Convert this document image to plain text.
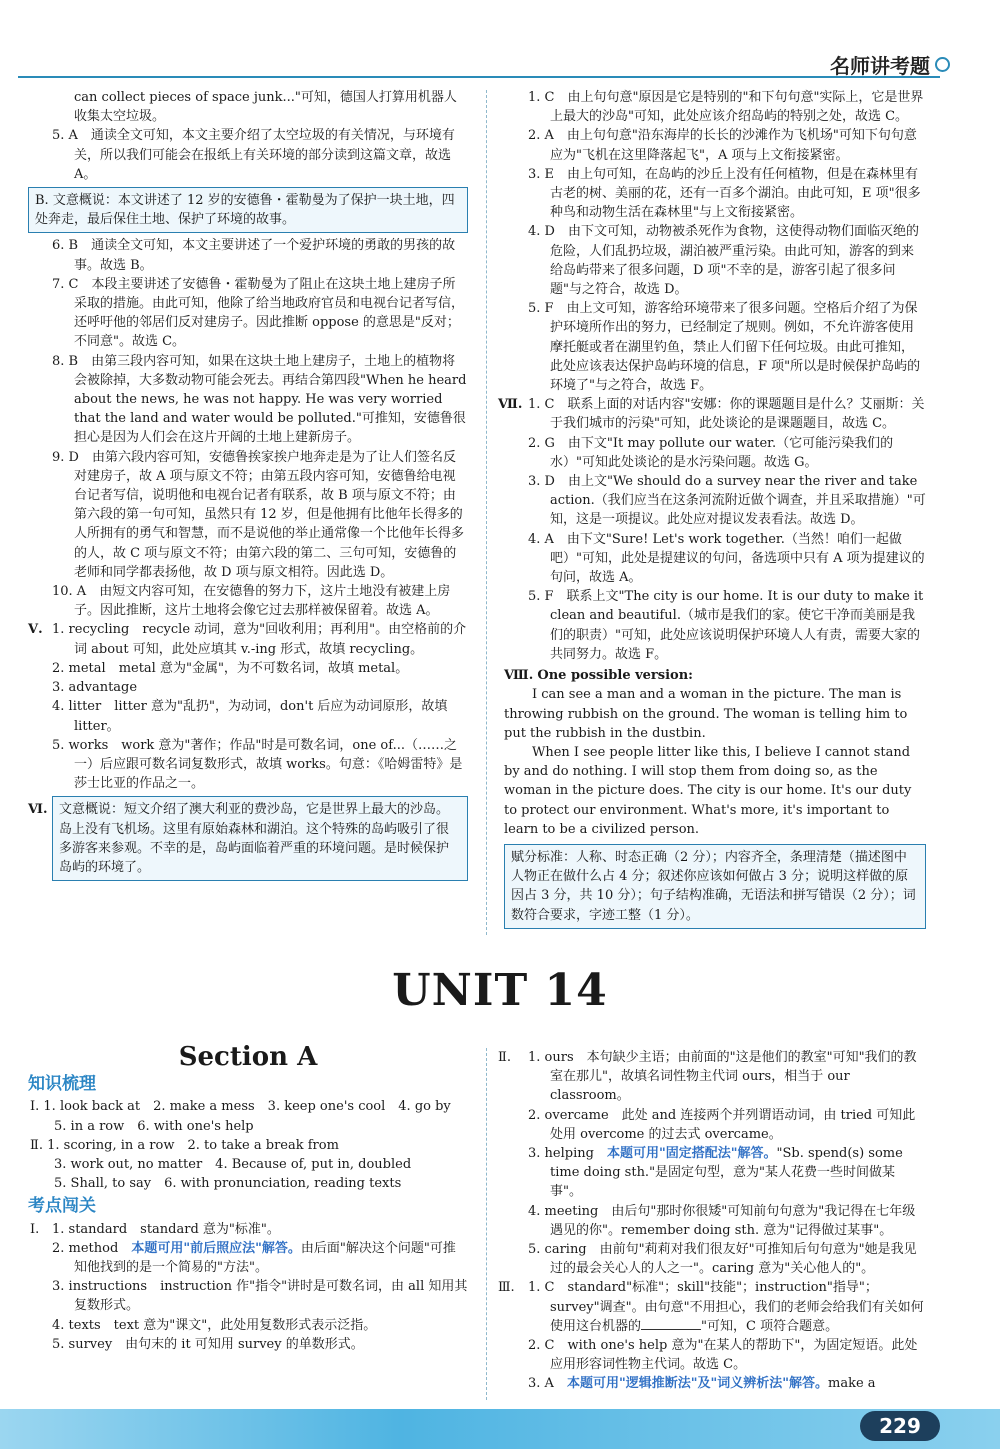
名师讲考题

can collect pieces of space junk..."可知，德国人打算用机器人收集太空垃圾。

5. A　通读全文可知，本文主要介绍了太空垃圾的有关情况，与环境有关，所以我们可能会在报纸上有关环境的部分读到这篇文章，故选 A。

B. 文意概说：本文讲述了 12 岁的安德鲁・霍勒曼为了保护一块土地，四处奔走，最后保住土地、保护了环境的故事。

6. B　通读全文可知，本文主要讲述了一个爱护环境的勇敢的男孩的故事。故选 B。

7. C　本段主要讲述了安德鲁・霍勒曼为了阻止在这块土地上建房子所采取的措施。由此可知，他除了给当地政府官员和电视台记者写信，还呼吁他的邻居们反对建房子。因此推断 oppose 的意思是"反对；不同意"。故选 C。

8. B　由第三段内容可知，如果在这块土地上建房子，土地上的植物将会被除掉，大多数动物可能会死去。再结合第四段"When he heard about the news, he was not happy. He was very worried that the land and water would be polluted."可推知，安德鲁很担心是因为人们会在这片开阔的土地上建新房子。

9. D　由第六段内容可知，安德鲁挨家挨户地奔走是为了让人们签名反对建房子，故 A 项与原文不符；由第五段内容可知，安德鲁给电视台记者写信，说明他和电视台记者有联系，故 B 项与原文不符；由第六段的第一句可知，虽然只有 12 岁，但是他拥有比他年长得多的人所拥有的勇气和智慧，而不是说他的举止通常像一个比他年长得多的人，故 C 项与原文不符；由第六段的第二、三句可知，安德鲁的老师和同学都表扬他，故 D 项与原文相符。因此选 D。

10. A　由短文内容可知，在安德鲁的努力下，这片土地没有被建上房子。因此推断，这片土地将会像它过去那样被保留着。故选 A。

Ⅴ. 1. recycling　recycle 动词，意为"回收利用；再利用"。由空格前的介词 about 可知，此处应填其 v.-ing 形式，故填 recycling。

2. metal　metal 意为"金属"，为不可数名词，故填 metal。

3. advantage

4. litter　litter 意为"乱扔"，为动词，don't 后应为动词原形，故填 litter。

5. works　work 意为"著作；作品"时是可数名词，one of...（……之一）后应跟可数名词复数形式，故填 works。句意：《哈姆雷特》是莎士比亚的作品之一。

Ⅵ. 文意概说：短文介绍了澳大利亚的费沙岛，它是世界上最大的沙岛。岛上没有飞机场。这里有原始森林和湖泊。这个特殊的岛屿吸引了很多游客来参观。不幸的是，岛屿面临着严重的环境问题。是时候保护岛屿的环境了。

1. C　由上句句意"原因是它是特别的"和下句句意"实际上，它是世界上最大的沙岛"可知，此处应该介绍岛屿的特别之处，故选 C。

2. A　由上句句意"沿东海岸的长长的沙滩作为飞机场"可知下句句意应为"飞机在这里降落起飞"，A 项与上文衔接紧密。

3. E　由上句可知，在岛屿的沙丘上没有任何植物，但是在森林里有古老的树、美丽的花，还有一百多个湖泊。由此可知，E 项"很多种鸟和动物生活在森林里"与上文衔接紧密。

4. D　由下文可知，动物被杀死作为食物，这使得动物们面临灭绝的危险，人们乱扔垃圾，湖泊被严重污染。由此可知，游客的到来给岛屿带来了很多问题，D 项"不幸的是，游客引起了很多问题"与之符合，故选 D。

5. F　由上文可知，游客给环境带来了很多问题。空格后介绍了为保护环境所作出的努力，已经制定了规则。例如，不允许游客使用摩托艇或者在湖里钓鱼，禁止人们留下任何垃圾。由此可推知，此处应该表达保护岛屿环境的信息，F 项"所以是时候保护岛屿的环境了"与之符合，故选 F。

Ⅶ. 1. C　联系上面的对话内容"安娜：你的课题题目是什么？艾丽斯：关于我们城市的污染"可知，此处谈论的是课题题目，故选 C。

2. G　由下文"It may pollute our water.（它可能污染我们的水）"可知此处谈论的是水污染问题。故选 G。

3. D　由上文"We should do a survey near the river and take action.（我们应当在这条河流附近做个调查，并且采取措施）"可知，这是一项提议。此处应对提议发表看法。故选 D。

4. A　由下文"Sure! Let's work together.（当然！咱们一起做吧）"可知，此处是提建议的句问，备选项中只有 A 项为提建议的句问，故选 A。

5. F　联系上文"The city is our home. It is our duty to make it clean and beautiful.（城市是我们的家。使它干净而美丽是我们的职责）"可知，此处应该说明保护环境人人有责，需要大家的共同努力。故选 F。

Ⅷ. One possible version:

I can see a man and a woman in the picture. The man is throwing rubbish on the ground. The woman is telling him to put the rubbish in the dustbin.

When I see people litter like this, I believe I cannot stand by and do nothing. I will stop them from doing so, as the woman in the picture does. The city is our home. It's our duty to protect our environment. What's more, it's important to learn to be a civilized person.

赋分标准：人称、时态正确（2 分）；内容齐全，条理清楚（描述图中人物正在做什么占 4 分；叙述你应该如何做占 3 分；说明这样做的原因占 3 分，共 10 分）；句子结构准确，无语法和拼写错误（2 分）；词数符合要求，字迹工整（1 分）。
UNIT 14
Section A
知识梳理
Ⅰ. 1. look back at　2. make a mess　3. keep one's cool　4. go by
5. in a row　6. with one's help
Ⅱ. 1. scoring, in a row　2. to take a break from
3. work out, no matter　4. Because of, put in, doubled
5. Shall, to say　6. with pronunciation, reading texts
考点闯关
Ⅰ. 1. standard　standard 意为"标准"。

2. method　本题可用"前后照应法"解答。由后面"解决这个问题"可推知他找到的是一个简易的"方法"。

3. instructions　instruction 作"指令"讲时是可数名词，由 all 知用其复数形式。

4. texts　text 意为"课文"，此处用复数形式表示泛指。

5. survey　由句末的 it 可知用 survey 的单数形式。

Ⅱ.	1. ours　本句缺少主语；由前面的"这是他们的教室"可知"我们的教室在那儿"，故填名词性物主代词 ours，相当于 our classroom。

2. overcame　此处 and 连接两个并列谓语动词，由 tried 可知此处用 overcome 的过去式 overcame。

3. helping　本题可用"固定搭配法"解答。"Sb. spend(s) some time doing sth."是固定句型，意为"某人花费一些时间做某事"。

4. meeting　由后句"那时你很矮"可知前句句意为"我记得在七年级遇见的你"。remember doing sth. 意为"记得做过某事"。

5. caring　由前句"莉莉对我们很友好"可推知后句句意为"她是我见过的最会关心人的人之一"。caring 意为"关心他人的"。

Ⅲ.	1. C　standard"标准"；skill"技能"；instruction"指导"；survey"调查"。由句意"不用担心，我们的老师会给我们有关如何使用这台机器的	"可知，C 项符合题意。

2. C　with one's help 意为"在某人的帮助下"，为固定短语。此处应用形容词性物主代词。故选 C。

3. A　本题可用"逻辑推断法"及"词义辨析法"解答。make a

229
